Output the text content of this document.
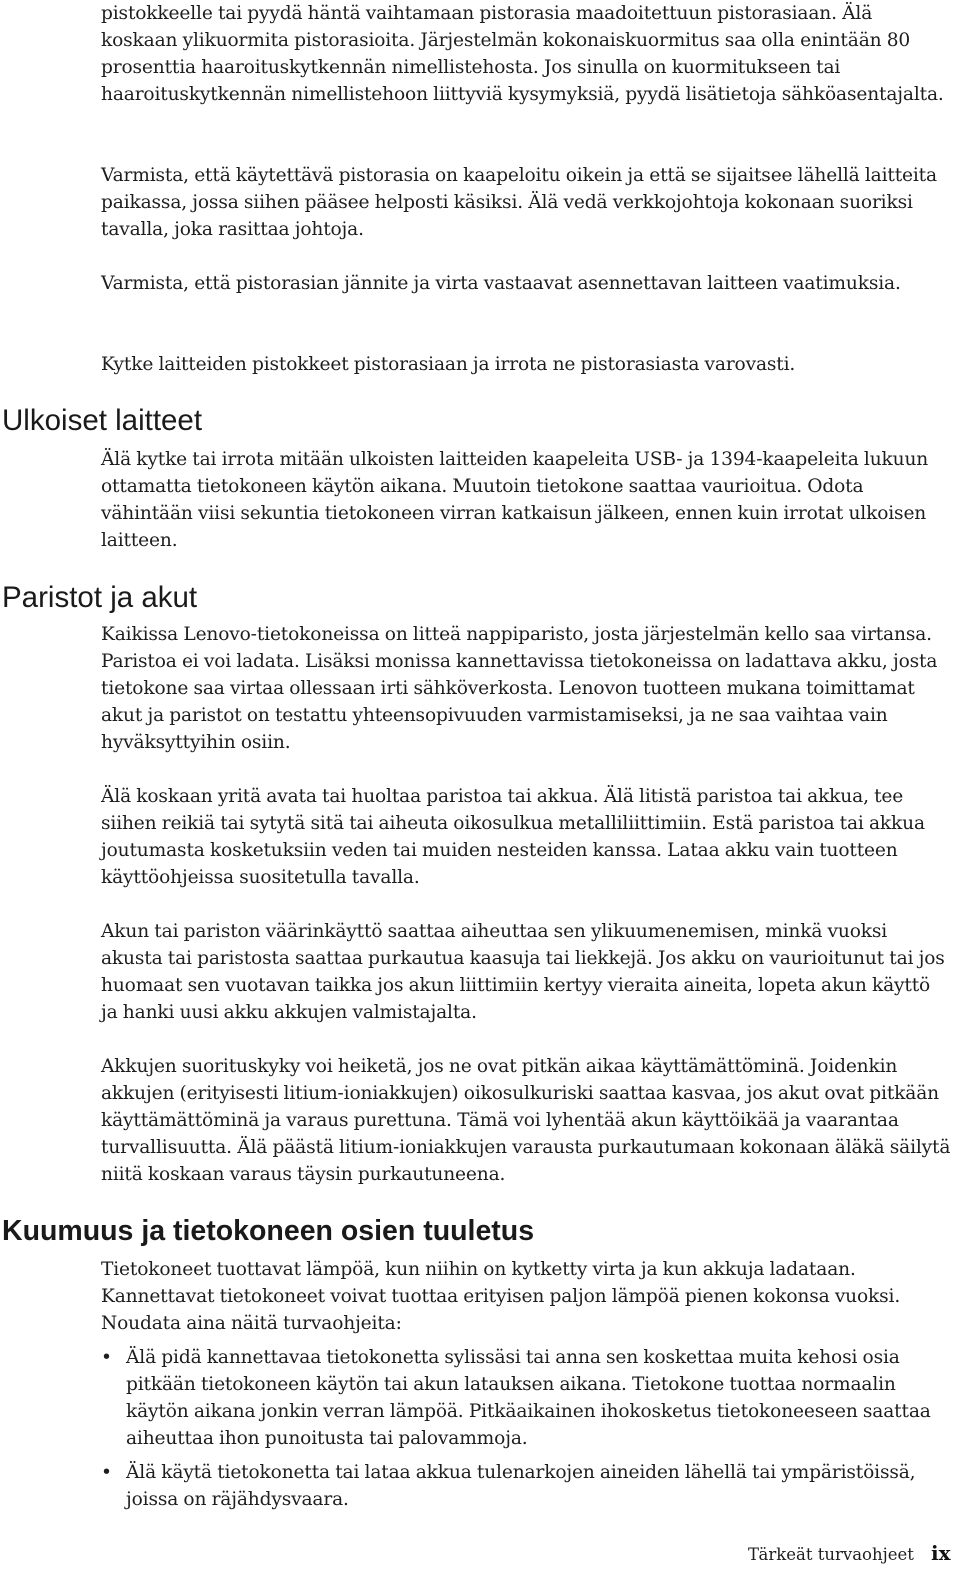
pistokkeelle tai pyydä häntä vaihtamaan pistorasia maadoitettuun pistorasiaan. Älä koskaan ylikuormita pistorasioita. Järjestelmän kokonaiskuormitus saa olla enintään 80 prosenttia haaroituskytkennän nimellistehosta. Jos sinulla on kuormitukseen tai haaroituskytkennän nimellistehoon liittyviä kysymyksiä, pyydä lisätietoja sähköasentajalta.

Varmista, että käytettävä pistorasia on kaapeloitu oikein ja että se sijaitsee lähellä laitteita paikassa, jossa siihen pääsee helposti käsiksi. Älä vedä verkkojohtoja kokonaan suoriksi tavalla, joka rasittaa johtoja.

Varmista, että pistorasian jännite ja virta vastaavat asennettavan laitteen vaatimuksia.

Kytke laitteiden pistokkeet pistorasiaan ja irrota ne pistorasiasta varovasti.

Ulkoiset laitteet

Älä kytke tai irrota mitään ulkoisten laitteiden kaapeleita USB- ja 1394-kaapeleita lukuun ottamatta tietokoneen käytön aikana. Muutoin tietokone saattaa vaurioitua. Odota vähintään viisi sekuntia tietokoneen virran katkaisun jälkeen, ennen kuin irrotat ulkoisen laitteen.

Paristot ja akut

Kaikissa Lenovo-tietokoneissa on litteä nappiparisto, josta järjestelmän kello saa virtansa. Paristoa ei voi ladata. Lisäksi monissa kannettavissa tietokoneissa on ladattava akku, josta tietokone saa virtaa ollessaan irti sähköverkosta. Lenovon tuotteen mukana toimittamat akut ja paristot on testattu yhteensopivuuden varmistamiseksi, ja ne saa vaihtaa vain hyväksyttyihin osiin.

Älä koskaan yritä avata tai huoltaa paristoa tai akkua. Älä litistä paristoa tai akkua, tee siihen reikiä tai sytytä sitä tai aiheuta oikosulkua metalliliittimiin. Estä paristoa tai akkua joutumasta kosketuksiin veden tai muiden nesteiden kanssa. Lataa akku vain tuotteen käyttöohjeissa suositetulla tavalla.

Akun tai pariston väärinkäyttö saattaa aiheuttaa sen ylikuumenemisen, minkä vuoksi akusta tai paristosta saattaa purkautua kaasuja tai liekkejä. Jos akku on vaurioitunut tai jos huomaat sen vuotavan taikka jos akun liittimiin kertyy vieraita aineita, lopeta akun käyttö ja hanki uusi akku akkujen valmistajalta.

Akkujen suorituskyky voi heiketä, jos ne ovat pitkän aikaa käyttämättöminä. Joidenkin akkujen (erityisesti litium-ioniakkujen) oikosulkuriski saattaa kasvaa, jos akut ovat pitkään käyttämättöminä ja varaus purettuna. Tämä voi lyhentää akun käyttöikää ja vaarantaa turvallisuutta. Älä päästä litium-ioniakkujen varausta purkautumaan kokonaan äläkä säilytä niitä koskaan varaus täysin purkautuneena.

Kuumuus ja tietokoneen osien tuuletus

Tietokoneet tuottavat lämpöä, kun niihin on kytketty virta ja kun akkuja ladataan. Kannettavat tietokoneet voivat tuottaa erityisen paljon lämpöä pienen kokonsa vuoksi. Noudata aina näitä turvaohjeita:

• Älä pidä kannettavaa tietokonetta sylissäsi tai anna sen koskettaa muita kehosi osia pitkään tietokoneen käytön tai akun latauksen aikana. Tietokone tuottaa normaalin käytön aikana jonkin verran lämpöä. Pitkäaikainen ihokosketus tietokoneeseen saattaa aiheuttaa ihon punoitusta tai palovammoja.

• Älä käytä tietokonetta tai lataa akkua tulenarkojen aineiden lähellä tai ympäristöissä, joissa on räjähdysvaara.

Tärkeät turvaohjeet ix
